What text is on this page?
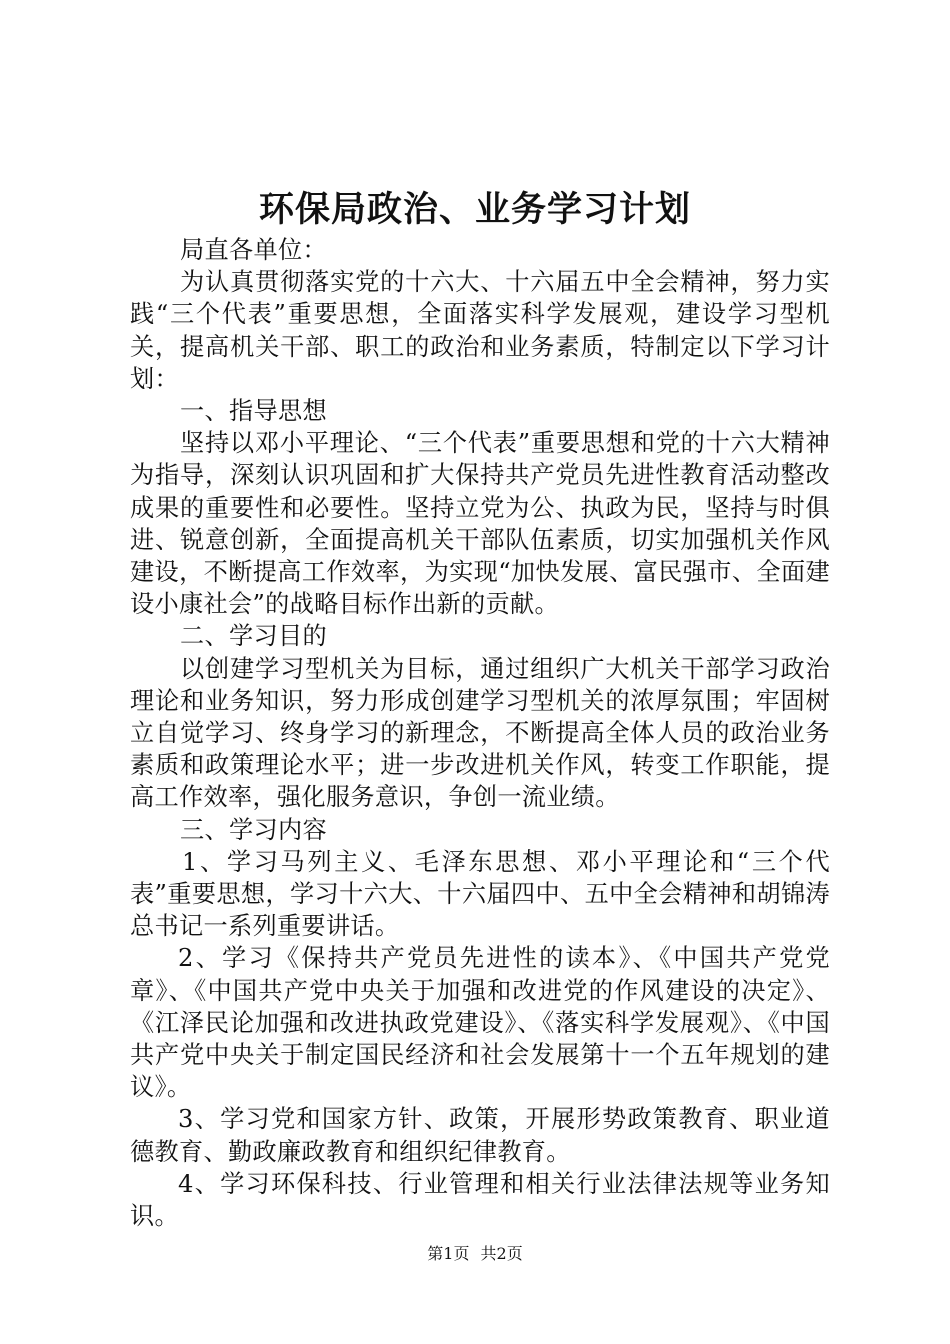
环保局政治、业务学习计划

局直各单位：

为认真贯彻落实党的十六大、十六届五中全会精神，努力实践“三个代表”重要思想，全面落实科学发展观，建设学习型机关，提高机关干部、职工的政治和业务素质，特制定以下学习计划：

一、指导思想

坚持以邓小平理论、“三个代表”重要思想和党的十六大精神为指导，深刻认识巩固和扩大保持共产党员先进性教育活动整改成果的重要性和必要性。坚持立党为公、执政为民，坚持与时俱进、锐意创新，全面提高机关干部队伍素质，切实加强机关作风建设，不断提高工作效率，为实现“加快发展、富民强市、全面建设小康社会”的战略目标作出新的贡献。

二、学习目的

以创建学习型机关为目标，通过组织广大机关干部学习政治理论和业务知识，努力形成创建学习型机关的浓厚氛围；牢固树立自觉学习、终身学习的新理念，不断提高全体人员的政治业务素质和政策理论水平；进一步改进机关作风，转变工作职能，提高工作效率，强化服务意识，争创一流业绩。

三、学习内容

1、学习马列主义、毛泽东思想、邓小平理论和“三个代表”重要思想，学习十六大、十六届四中、五中全会精神和胡锦涛总书记一系列重要讲话。

2、学习《保持共产党员先进性的读本》、《中国共产党党章》、《中国共产党中央关于加强和改进党的作风建设的决定》、《江泽民论加强和改进执政党建设》、《落实科学发展观》、《中国共产党中央关于制定国民经济和社会发展第十一个五年规划的建议》。

3、学习党和国家方针、政策，开展形势政策教育、职业道德教育、勤政廉政教育和组织纪律教育。

4、学习环保科技、行业管理和相关行业法律法规等业务知识。

第1页 共2页
